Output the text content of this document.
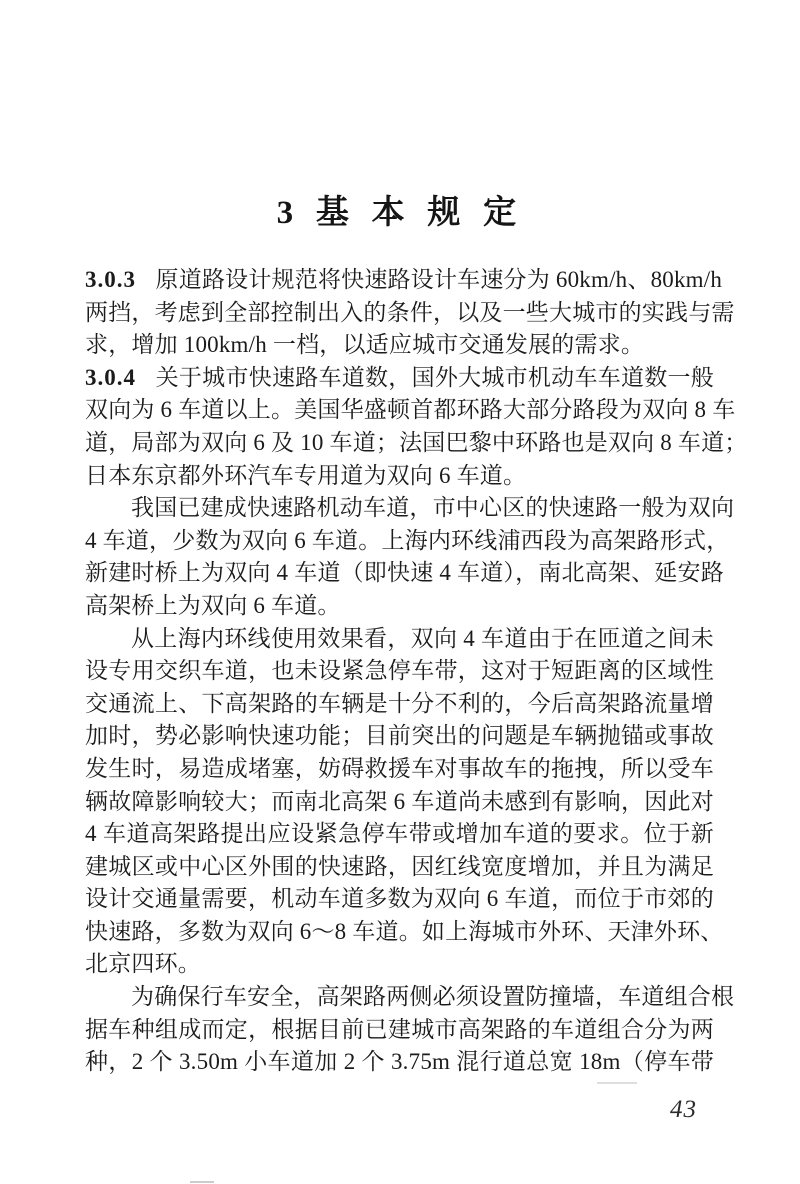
3 基 本 规 定
3.0.3 原道路设计规范将快速路设计车速分为 60km/h、80km/h
两挡，考虑到全部控制出入的条件，以及一些大城市的实践与需
求，增加 100km/h 一档，以适应城市交通发展的需求。
3.0.4 关于城市快速路车道数，国外大城市机动车车道数一般
双向为 6 车道以上。美国华盛顿首都环路大部分路段为双向 8 车
道，局部为双向 6 及 10 车道；法国巴黎中环路也是双向 8 车道；
日本东京都外环汽车专用道为双向 6 车道。
我国已建成快速路机动车道，市中心区的快速路一般为双向
4 车道，少数为双向 6 车道。上海内环线浦西段为高架路形式，
新建时桥上为双向 4 车道（即快速 4 车道），南北高架、延安路
高架桥上为双向 6 车道。
从上海内环线使用效果看，双向 4 车道由于在匝道之间未
设专用交织车道，也未设紧急停车带，这对于短距离的区域性
交通流上、下高架路的车辆是十分不利的，今后高架路流量增
加时，势必影响快速功能；目前突出的问题是车辆抛锚或事故
发生时，易造成堵塞，妨碍救援车对事故车的拖拽，所以受车
辆故障影响较大；而南北高架 6 车道尚未感到有影响，因此对
4 车道高架路提出应设紧急停车带或增加车道的要求。位于新
建城区或中心区外围的快速路，因红线宽度增加，并且为满足
设计交通量需要，机动车道多数为双向 6 车道，而位于市郊的
快速路，多数为双向 6～8 车道。如上海城市外环、天津外环、
北京四环。
为确保行车安全，高架路两侧必须设置防撞墙，车道组合根
据车种组成而定，根据目前已建城市高架路的车道组合分为两
种，2 个 3.50m 小车道加 2 个 3.75m 混行道总宽 18m（停车带
43
